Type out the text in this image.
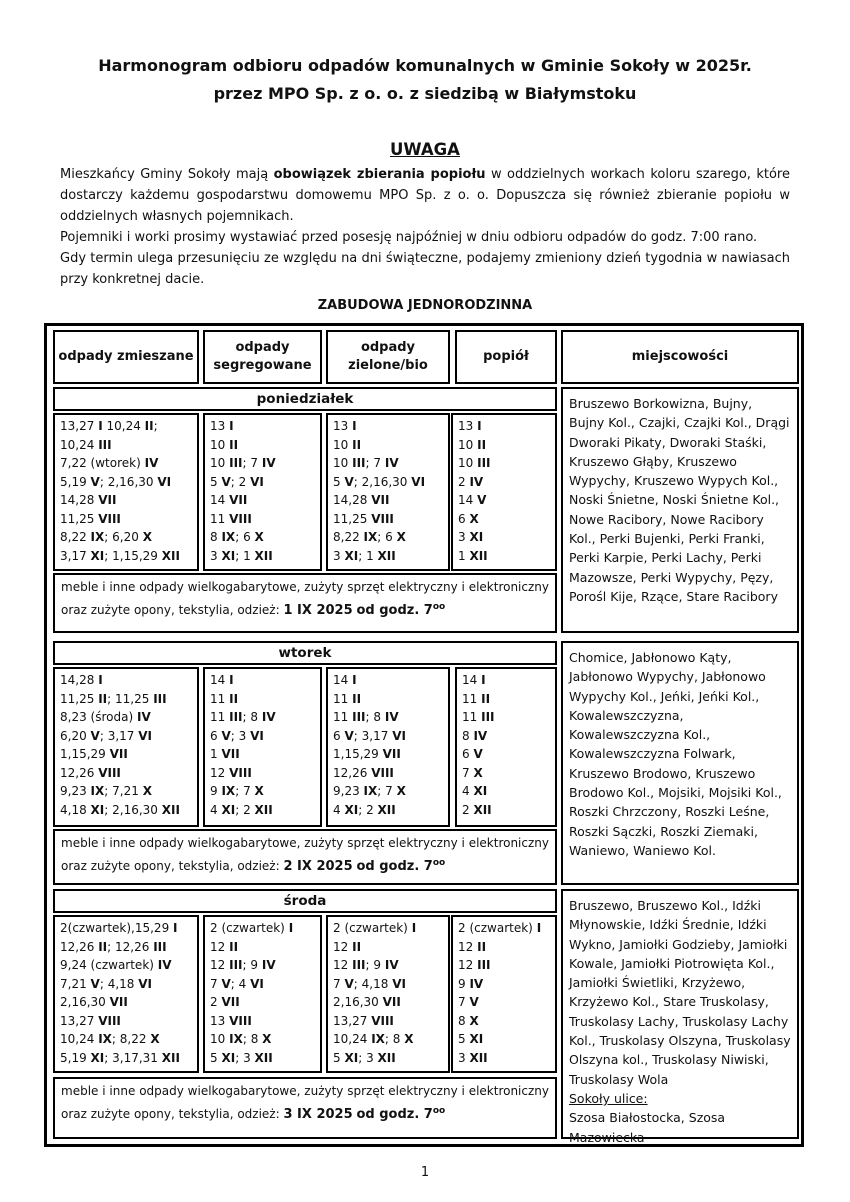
Harmonogram odbioru odpadów komunalnych w Gminie Sokoły w 2025r.
przez MPO Sp. z o. o. z siedzibą w Białymstoku
UWAGA

Mieszkańcy Gminy Sokoły mają obowiązek zbierania popiołu w oddzielnych workach koloru szarego, które dostarczy każdemu gospodarstwu domowemu MPO Sp. z o. o. Dopuszcza się również zbieranie popiołu w oddzielnych własnych pojemnikach.

Pojemniki i worki prosimy wystawiać przed posesję najpóźniej w dniu odbioru odpadów do godz. 7:00 rano.

Gdy termin ulega przesunięciu ze względu na dni świąteczne, podajemy zmieniony dzień tygodnia w nawiasach przy konkretnej dacie.

ZABUDOWA JEDNORODZINNA
odpady zmieszane
odpady
segregowane
odpady
zielone/bio
popiół	miejscowości
poniedziałek
13,27 I 10,24 II;
10,24 III
7,22 (wtorek) IV
5,19 V; 2,16,30 VI
14,28 VII
11,25 VIII
8,22 IX; 6,20 X
3,17 XI; 1,15,29 XII
13 I
10 II
10 III; 7 IV
5 V; 2 VI
14 VII
11 VIII
8 IX; 6 X
3 XI; 1 XII
13 I
10 II
10 III; 7 IV
5 V; 2,16,30 VI
14,28 VII
11,25 VIII
8,22 IX; 6 X
3 XI; 1 XII
13 I
10 II
10 III
2 IV
14 V
6 X
3 XI
1 XII
meble i inne odpady wielkogabarytowe, zużyty sprzęt elektryczny i elektroniczny oraz zużyte opony, tekstylia, odzież: 1 IX 2025 od godz. $7^{oo}$
Bruszewo Borkowizna, Bujny, Bujny Kol., Czajki, Czajki Kol., Drągi Dworaki Pikaty, Dworaki Staśki, Kruszewo Głąby, Kruszewo Wypychy, Kruszewo Wypych Kol., Noski Śnietne, Noski Śnietne Kol., Nowe Racibory, Nowe Racibory Kol., Perki Bujenki, Perki Franki, Perki Karpie, Perki Lachy, Perki Mazowsze, Perki Wypychy, Pęzy, Porośl Kije, Rzące, Stare Racibory
wtorek
14,28 I
11,25 II; 11,25 III
8,23 (środa) IV
6,20 V; 3,17 VI
1,15,29 VII
12,26 VIII
9,23 IX; 7,21 X
4,18 XI; 2,16,30 XII
14 I
11 II
11 III; 8 IV
6 V; 3 VI
1 VII
12 VIII
9 IX; 7 X
4 XI; 2 XII
14 I
11 II
11 III; 8 IV
6 V; 3,17 VI
1,15,29 VII
12,26 VIII
9,23 IX; 7 X
4 XI; 2 XII
14 I
11 II
11 III
8 IV
6 V
7 X
4 XI
2 XII
meble i inne odpady wielkogabarytowe, zużyty sprzęt elektryczny i elektroniczny oraz zużyte opony, tekstylia, odzież: 2 IX 2025 od godz. $7^{oo}$
Chomice, Jabłonowo Kąty, Jabłonowo Wypychy, Jabłonowo Wypychy Kol., Jeńki, Jeńki Kol., Kowalewszczyzna, Kowalewszczyzna Kol., Kowalewszczyzna Folwark, Kruszewo Brodowo, Kruszewo Brodowo Kol., Mojsiki, Mojsiki Kol., Roszki Chrzczony, Roszki Leśne, Roszki Sączki, Roszki Ziemaki, Waniewo, Waniewo Kol.
środa
2(czwartek),15,29 I
12,26 II; 12,26 III
9,24 (czwartek) IV
7,21 V; 4,18 VI
2,16,30 VII
13,27 VIII
10,24 IX; 8,22 X
5,19 XI; 3,17,31 XII
2 (czwartek) I
12 II
12 III; 9 IV
7 V; 4 VI
2 VII
13 VIII
10 IX; 8 X
5 XI; 3 XII
2 (czwartek) I
12 II
12 III; 9 IV
7 V; 4,18 VI
2,16,30 VII
13,27 VIII
10,24 IX; 8 X
5 XI; 3 XII
2 (czwartek) I
12 II
12 III
9 IV
7 V
8 X
5 XI
3 XII
meble i inne odpady wielkogabarytowe, zużyty sprzęt elektryczny i elektroniczny oraz zużyte opony, tekstylia, odzież: 3 IX 2025 od godz. $7^{oo}$
Bruszewo, Bruszewo Kol., Idźki Młynowskie, Idźki Średnie, Idźki Wykno, Jamiołki Godzieby, Jamiołki Kowale, Jamiołki Piotrowięta Kol., Jamiołki Świetliki, Krzyżewo, Krzyżewo Kol., Stare Truskolasy, Truskolasy Lachy, Truskolasy Lachy Kol., Truskolasy Olszyna, Truskolasy Olszyna kol., Truskolasy Niwiski, Truskolasy Wola
Sokoły ulice:
Szosa Białostocka, Szosa Mazowiecka
1
